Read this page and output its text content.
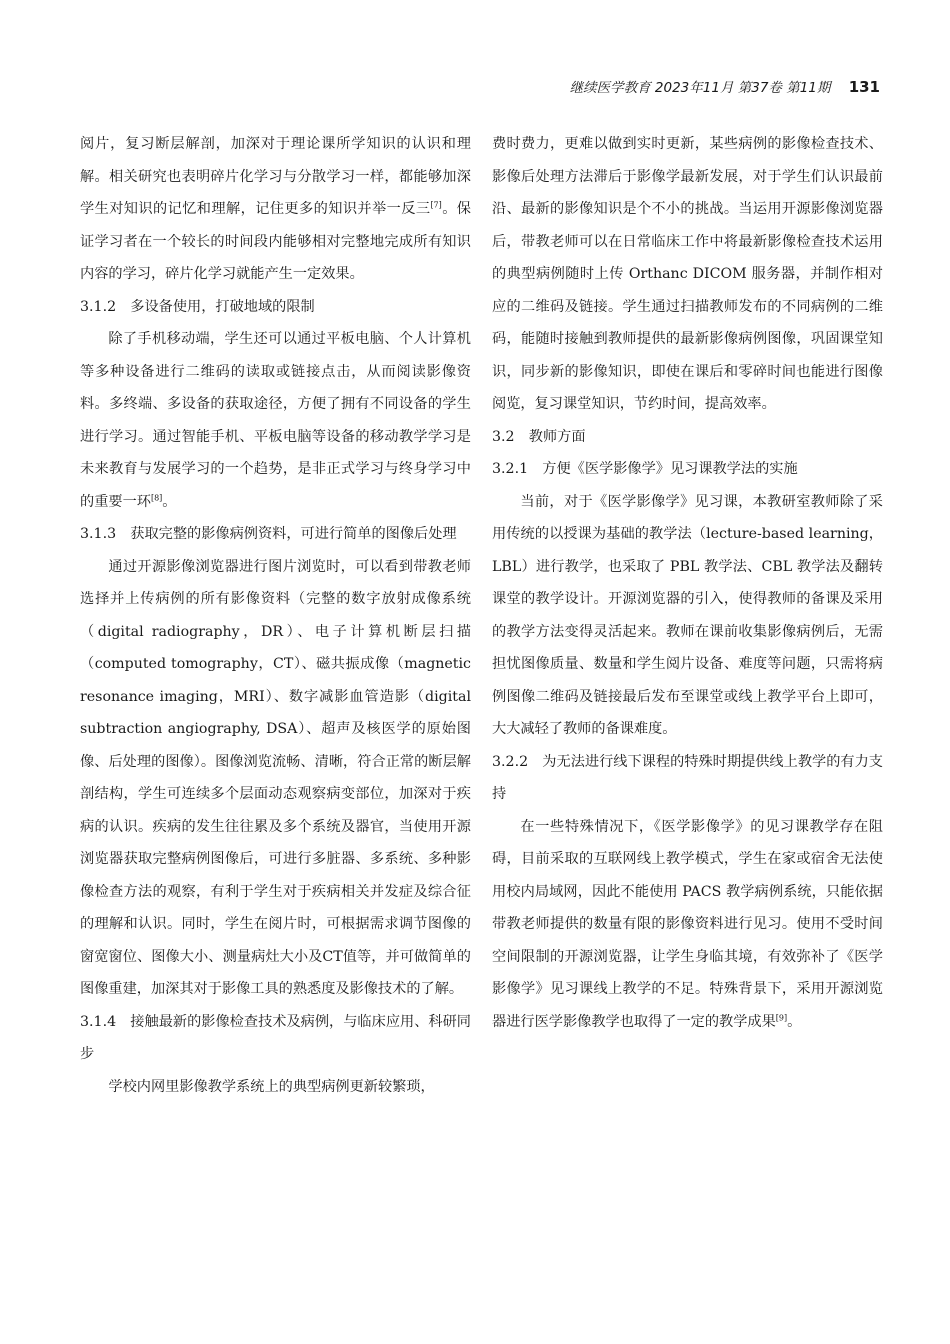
继续医学教育 2023年11月 第37卷 第11期 131

阅片，复习断层解剖，加深对于理论课所学知识的认识和理解。相关研究也表明碎片化学习与分散学习一样，都能够加深学生对知识的记忆和理解，记住更多的知识并举一反三[7]。保证学习者在一个较长的时间段内能够相对完整地完成所有知识内容的学习，碎片化学习就能产生一定效果。

3.1.2　多设备使用，打破地域的限制

除了手机移动端，学生还可以通过平板电脑、个人计算机等多种设备进行二维码的读取或链接点击，从而阅读影像资料。多终端、多设备的获取途径，方便了拥有不同设备的学生进行学习。通过智能手机、平板电脑等设备的移动教学学习是未来教育与发展学习的一个趋势，是非正式学习与终身学习中的重要一环[8]。

3.1.3　获取完整的影像病例资料，可进行简单的图像后处理

通过开源影像浏览器进行图片浏览时，可以看到带教老师选择并上传病例的所有影像资料（完整的数字放射成像系统（digital radiography，DR）、电子计算机断层扫描（computed tomography，CT）、磁共振成像（magnetic resonance imaging，MRI）、数字减影血管造影（digital subtraction angiography, DSA）、超声及核医学的原始图像、后处理的图像）。图像浏览流畅、清晰，符合正常的断层解剖结构，学生可连续多个层面动态观察病变部位，加深对于疾病的认识。疾病的发生往往累及多个系统及器官，当使用开源浏览器获取完整病例图像后，可进行多脏器、多系统、多种影像检查方法的观察，有利于学生对于疾病相关并发症及综合征的理解和认识。同时，学生在阅片时，可根据需求调节图像的窗宽窗位、图像大小、测量病灶大小及CT值等，并可做简单的图像重建，加深其对于影像工具的熟悉度及影像技术的了解。

3.1.4　接触最新的影像检查技术及病例，与临床应用、科研同步

学校内网里影像教学系统上的典型病例更新较繁琐，

费时费力，更难以做到实时更新，某些病例的影像检查技术、影像后处理方法滞后于影像学最新发展，对于学生们认识最前沿、最新的影像知识是个不小的挑战。当运用开源影像浏览器后，带教老师可以在日常临床工作中将最新影像检查技术运用的典型病例随时上传 Orthanc DICOM 服务器，并制作相对应的二维码及链接。学生通过扫描教师发布的不同病例的二维码，能随时接触到教师提供的最新影像病例图像，巩固课堂知识，同步新的影像知识，即使在课后和零碎时间也能进行图像阅览，复习课堂知识，节约时间，提高效率。

3.2　教师方面

3.2.1　方便《医学影像学》见习课教学法的实施

当前，对于《医学影像学》见习课，本教研室教师除了采用传统的以授课为基础的教学法（lecture-based learning，LBL）进行教学，也采取了 PBL 教学法、CBL 教学法及翻转课堂的教学设计。开源浏览器的引入，使得教师的备课及采用的教学方法变得灵活起来。教师在课前收集影像病例后，无需担忧图像质量、数量和学生阅片设备、难度等问题，只需将病例图像二维码及链接最后发布至课堂或线上教学平台上即可，大大减轻了教师的备课难度。

3.2.2　为无法进行线下课程的特殊时期提供线上教学的有力支持

在一些特殊情况下，《医学影像学》的见习课教学存在阻碍，目前采取的互联网线上教学模式，学生在家或宿舍无法使用校内局域网，因此不能使用 PACS 教学病例系统，只能依据带教老师提供的数量有限的影像资料进行见习。使用不受时间空间限制的开源浏览器，让学生身临其境，有效弥补了《医学影像学》见习课线上教学的不足。特殊背景下，采用开源浏览器进行医学影像教学也取得了一定的教学成果[9]。
